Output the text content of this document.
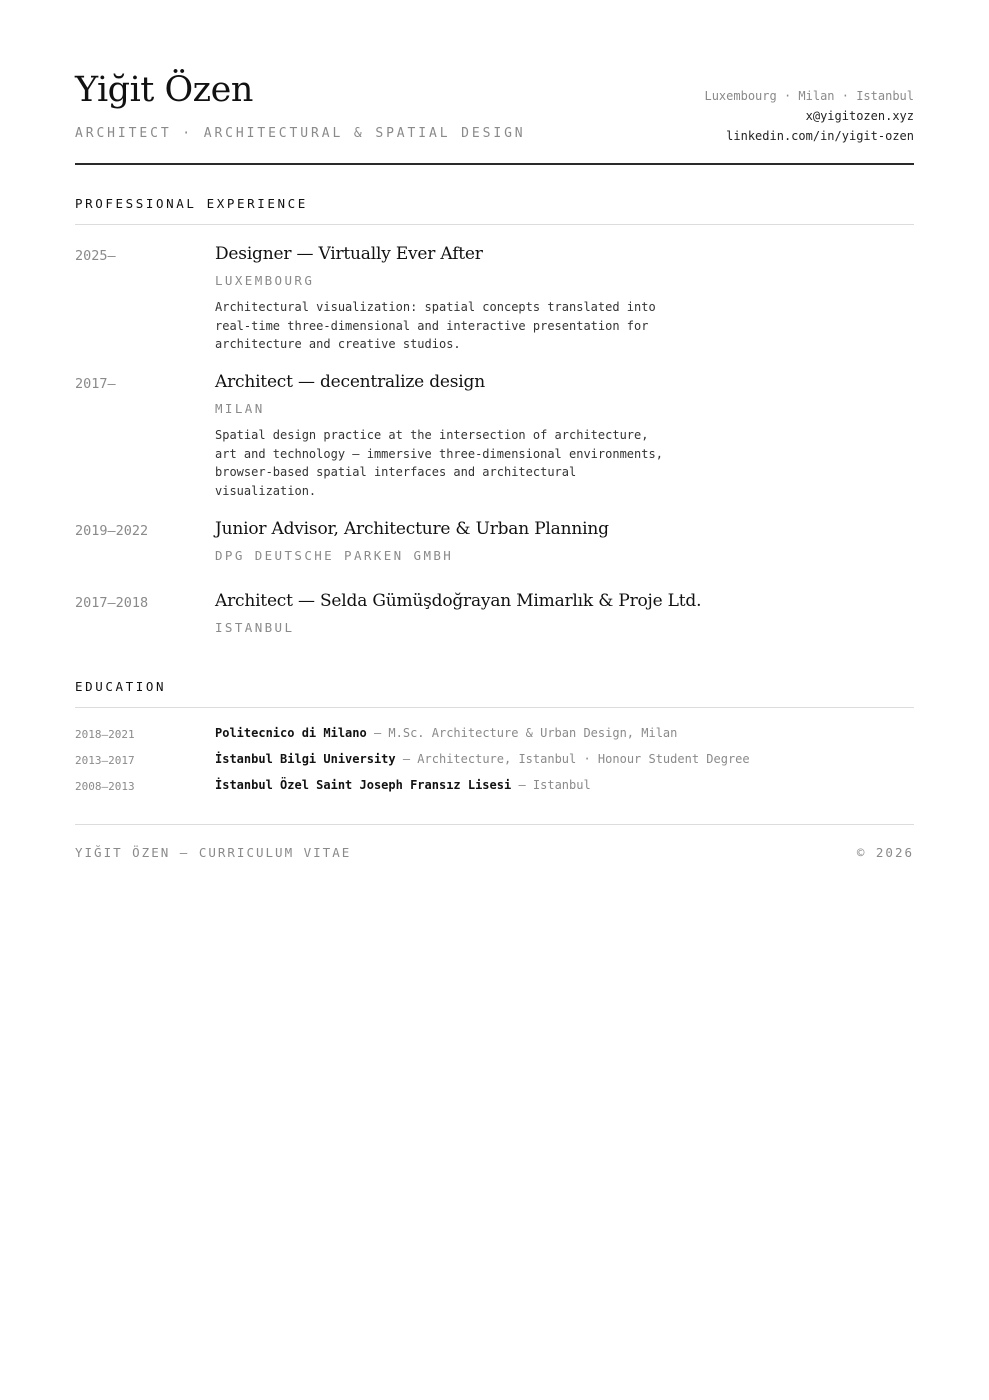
Yiğit Özen
ARCHITECT · ARCHITECTURAL & SPATIAL DESIGN
Luxembourg · Milan · Istanbul
x@yigitozen.xyz
linkedin.com/in/yigit-ozen
PROFESSIONAL EXPERIENCE
2025—	Designer — Virtually Ever After
LUXEMBOURG

Architectural visualization: spatial concepts translated into
real-time three-dimensional and interactive presentation for
architecture and creative studios.

2017—	Architect — decentralize design
MILAN

Spatial design practice at the intersection of architecture,
art and technology — immersive three-dimensional environments,
browser-based spatial interfaces and architectural
visualization.

2019—2022	Junior Advisor, Architecture & Urban Planning
DPG DEUTSCHE PARKEN GMBH
2017—2018	Architect — Selda Gümüşdoğrayan Mimarlık & Proje Ltd.
ISTANBUL
EDUCATION
2018—2021	Politecnico di Milano — M.Sc. Architecture & Urban Design, Milan
2013—2017	İstanbul Bilgi University — Architecture, Istanbul · Honour Student Degree
2008—2013	İstanbul Özel Saint Joseph Fransız Lisesi — Istanbul
YIĞIT ÖZEN — CURRICULUM VITAE	© 2026
